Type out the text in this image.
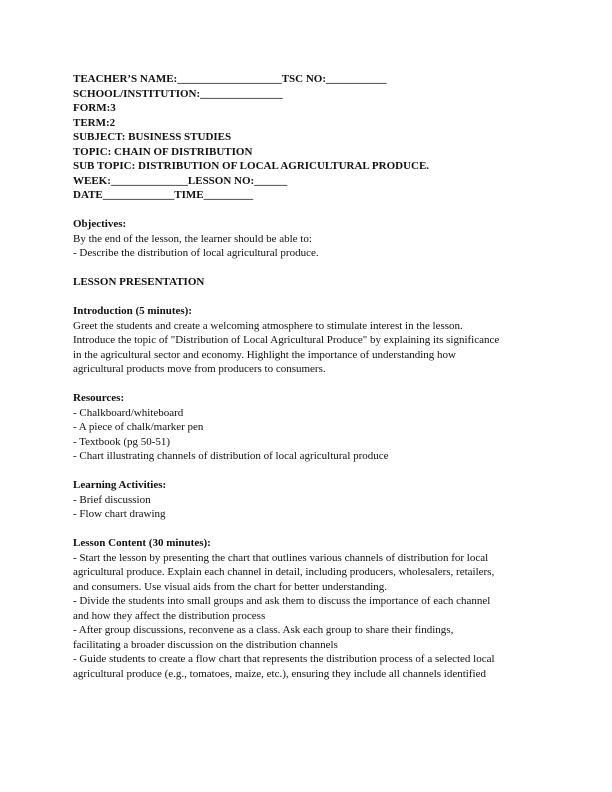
TEACHER’S NAME:___________________TSC NO:___________
SCHOOL/INSTITUTION:_______________
FORM:3
TERM:2
SUBJECT: BUSINESS STUDIES
TOPIC: CHAIN OF DISTRIBUTION
SUB TOPIC: DISTRIBUTION OF LOCAL AGRICULTURAL PRODUCE.
WEEK:______________LESSON NO:______
DATE_____________TIME_________
Objectives:
By the end of the lesson, the learner should be able to:
- Describe the distribution of local agricultural produce.
LESSON PRESENTATION
Introduction (5 minutes):
Greet the students and create a welcoming atmosphere to stimulate interest in the lesson.
Introduce the topic of "Distribution of Local Agricultural Produce" by explaining its significance
in the agricultural sector and economy. Highlight the importance of understanding how
agricultural products move from producers to consumers.
Resources:
- Chalkboard/whiteboard
- A piece of chalk/marker pen
- Textbook (pg 50-51)
- Chart illustrating channels of distribution of local agricultural produce
Learning Activities:
- Brief discussion
- Flow chart drawing
Lesson Content (30 minutes):
- Start the lesson by presenting the chart that outlines various channels of distribution for local
agricultural produce. Explain each channel in detail, including producers, wholesalers, retailers,
and consumers. Use visual aids from the chart for better understanding.
- Divide the students into small groups and ask them to discuss the importance of each channel
and how they affect the distribution process
- After group discussions, reconvene as a class. Ask each group to share their findings,
facilitating a broader discussion on the distribution channels
- Guide students to create a flow chart that represents the distribution process of a selected local
agricultural produce (e.g., tomatoes, maize, etc.), ensuring they include all channels identified
